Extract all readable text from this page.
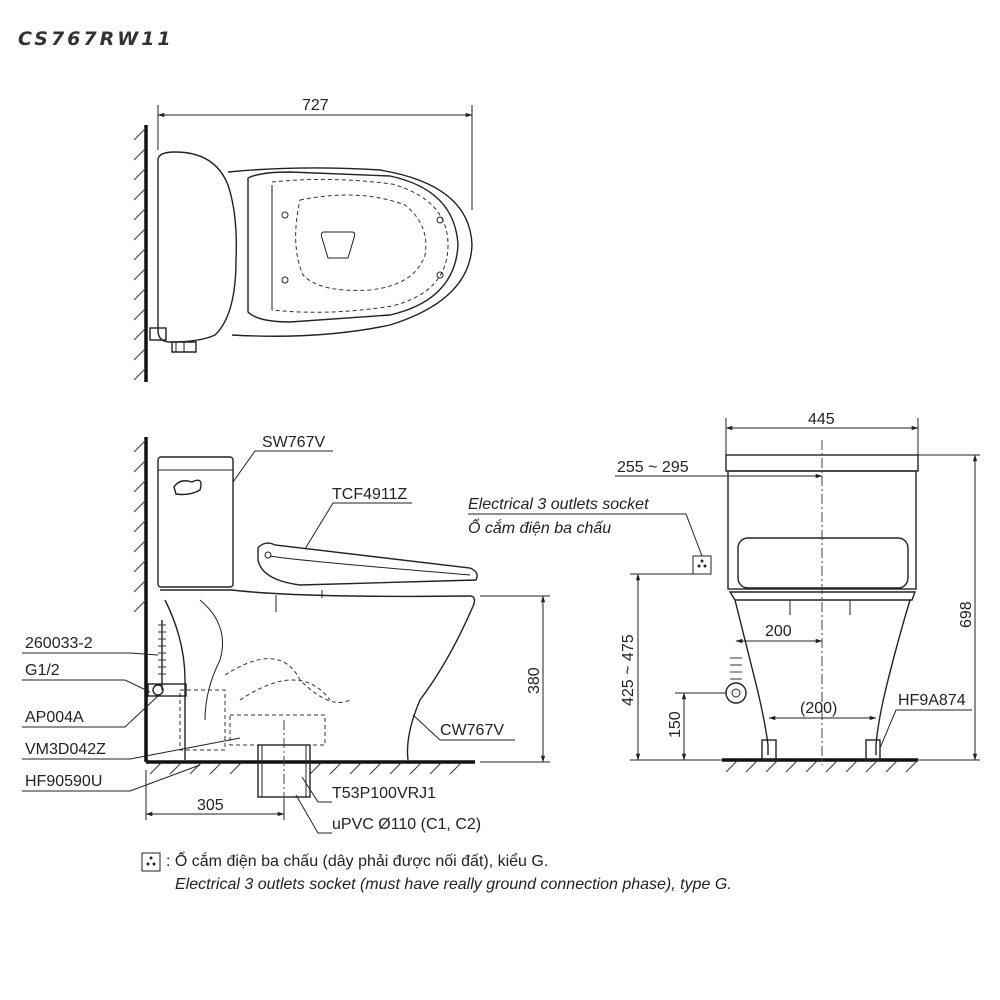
CS767RW11
727
380
305
SW767V
TCF4911Z
260033-2
G1/2
AP004A
VM3D042Z
HF90590U
CW767V
T53P100VRJ1
uPVC Ø110 (C1, C2)
Electrical 3 outlets socket
Ổ cắm điện ba chấu
445
255 ~ 295
425 ~ 475
150
698
200
(200)	HF9A874
: Ổ cắm điện ba chấu (dây phải được nối đất), kiểu G.
Electrical 3 outlets socket (must have really ground connection phase), type G.
